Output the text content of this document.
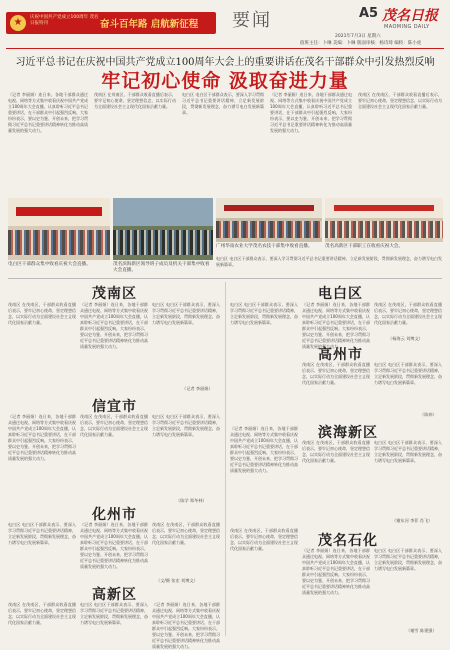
★	庆祝中国共产党成立100周年 茂名日报特刊	奋斗百年路 启航新征程 要闻	A5 茂名日报
MAOMING DAILY
2021年7月3日 星期六
值班主任：卜琳 美编：卜琳 版面审核：杨诗琦 编校：陈小虎
习近平总书记在庆祝中国共产党成立100周年大会上的重要讲话在茂名干部群众中引发热烈反响
牢记初心使命 汲取奋进力量
（记者 李丽娟）连日来，各地干部群众通过电视、网络等方式集中收看庆祝中国共产党成立100周年大会直播，认真聆听习近平总书记重要讲话，在干部群众中引起强烈反响。大家纷纷表示，要以史为鉴、开创未来，把学习贯彻习近平总书记重要讲话精神转化为推动高质量发展的强大动力。
茂南区 在茂南区，干部群众收看直播后表示，要牢记初心使命，坚定理想信念，以实际行动为全面建设社会主义现代化国家贡献力量。
电白区 电白区干部群众表示，要深入学习贯彻习近平总书记重要讲话精神，立足新发展阶段，贯彻新发展理念，奋力谱写电白发展新篇章。
（记者 李丽娟）连日来，各地干部群众通过电视、网络等方式集中收看庆祝中国共产党成立100周年大会直播，认真聆听习近平总书记重要讲话，在干部群众中引起强烈反响。大家纷纷表示，要以史为鉴、开创未来，把学习贯彻习近平总书记重要讲话精神转化为推动高质量发展的强大动力。
茂南区 在茂南区，干部群众收看直播后表示，要牢记初心使命，坚定理想信念，以实际行动为全面建设社会主义现代化国家贡献力量。
电白区干部群众集中收看庆祝大会直播。	茂名滨海新区领导班子成员及机关干部集中收看大会直播。
广州华南农业大学茂名农技干部集中收看直播。	茂名高新区干部职工在收看庆祝大会。
电白区 电白区干部群众表示，要深入学习贯彻习近平总书记重要讲话精神，立足新发展阶段，贯彻新发展理念，奋力谱写电白发展新篇章。
茂南区
茂南区 在茂南区，干部群众收看直播后表示，要牢记初心使命，坚定理想信念，以实际行动为全面建设社会主义现代化国家贡献力量。
（记者 李丽娟）连日来，各地干部群众通过电视、网络等方式集中收看庆祝中国共产党成立100周年大会直播，认真聆听习近平总书记重要讲话，在干部群众中引起强烈反响。大家纷纷表示，要以史为鉴、开创未来，把学习贯彻习近平总书记重要讲话精神转化为推动高质量发展的强大动力。
电白区 电白区干部群众表示，要深入学习贯彻习近平总书记重要讲话精神，立足新发展阶段，贯彻新发展理念，奋力谱写电白发展新篇章。
（记者 李丽娟）
信宜市
（记者 李丽娟）连日来，各地干部群众通过电视、网络等方式集中收看庆祝中国共产党成立100周年大会直播，认真聆听习近平总书记重要讲话，在干部群众中引起强烈反响。大家纷纷表示，要以史为鉴、开创未来，把学习贯彻习近平总书记重要讲话精神转化为推动高质量发展的强大动力。
茂南区 在茂南区，干部群众收看直播后表示，要牢记初心使命，坚定理想信念，以实际行动为全面建设社会主义现代化国家贡献力量。
电白区 电白区干部群众表示，要深入学习贯彻习近平总书记重要讲话精神，立足新发展阶段，贯彻新发展理念，奋力谱写电白发展新篇章。
（陈学 郑冬林）
化州市
电白区 电白区干部群众表示，要深入学习贯彻习近平总书记重要讲话精神，立足新发展阶段，贯彻新发展理念，奋力谱写电白发展新篇章。
（记者 李丽娟）连日来，各地干部群众通过电视、网络等方式集中收看庆祝中国共产党成立100周年大会直播，认真聆听习近平总书记重要讲话，在干部群众中引起强烈反响。大家纷纷表示，要以史为鉴、开创未来，把学习贯彻习近平总书记重要讲话精神转化为推动高质量发展的强大动力。
茂南区 在茂南区，干部群众收看直播后表示，要牢记初心使命，坚定理想信念，以实际行动为全面建设社会主义现代化国家贡献力量。
（文/摄 张宏 刘博文）
高新区
茂南区 在茂南区，干部群众收看直播后表示，要牢记初心使命，坚定理想信念，以实际行动为全面建设社会主义现代化国家贡献力量。
电白区 电白区干部群众表示，要深入学习贯彻习近平总书记重要讲话精神，立足新发展阶段，贯彻新发展理念，奋力谱写电白发展新篇章。
（记者 李丽娟）连日来，各地干部群众通过电视、网络等方式集中收看庆祝中国共产党成立100周年大会直播，认真聆听习近平总书记重要讲话，在干部群众中引起强烈反响。大家纷纷表示，要以史为鉴、开创未来，把学习贯彻习近平总书记重要讲话精神转化为推动高质量发展的强大动力。
电白区
电白区 电白区干部群众表示，要深入学习贯彻习近平总书记重要讲话精神，立足新发展阶段，贯彻新发展理念，奋力谱写电白发展新篇章。
（记者 李丽娟）连日来，各地干部群众通过电视、网络等方式集中收看庆祝中国共产党成立100周年大会直播，认真聆听习近平总书记重要讲话，在干部群众中引起强烈反响。大家纷纷表示，要以史为鉴、开创未来，把学习贯彻习近平总书记重要讲话精神转化为推动高质量发展的强大动力。
茂南区 在茂南区，干部群众收看直播后表示，要牢记初心使命，坚定理想信念，以实际行动为全面建设社会主义现代化国家贡献力量。
（杨海云 刘博文）
高州市
茂南区 在茂南区，干部群众收看直播后表示，要牢记初心使命，坚定理想信念，以实际行动为全面建设社会主义现代化国家贡献力量。
电白区 电白区干部群众表示，要深入学习贯彻习近平总书记重要讲话精神，立足新发展阶段，贯彻新发展理念，奋力谱写电白发展新篇章。
（陈炜）
滨海新区
（记者 李丽娟）连日来，各地干部群众通过电视、网络等方式集中收看庆祝中国共产党成立100周年大会直播，认真聆听习近平总书记重要讲话，在干部群众中引起强烈反响。大家纷纷表示，要以史为鉴、开创未来，把学习贯彻习近平总书记重要讲话精神转化为推动高质量发展的强大动力。
茂南区 在茂南区，干部群众收看直播后表示，要牢记初心使命，坚定理想信念，以实际行动为全面建设社会主义现代化国家贡献力量。
电白区 电白区干部群众表示，要深入学习贯彻习近平总书记重要讲话精神，立足新发展阶段，贯彻新发展理念，奋力谱写电白发展新篇章。
（谢东河 李菲 肖飞）
茂名石化
茂南区 在茂南区，干部群众收看直播后表示，要牢记初心使命，坚定理想信念，以实际行动为全面建设社会主义现代化国家贡献力量。	（记者 李丽娟）连日来，各地干部群众通过电视、网络等方式集中收看庆祝中国共产党成立100周年大会直播，认真聆听习近平总书记重要讲话，在干部群众中引起强烈反响。大家纷纷表示，要以史为鉴、开创未来，把学习贯彻习近平总书记重要讲话精神转化为推动高质量发展的强大动力。
电白区 电白区干部群众表示，要深入学习贯彻习近平总书记重要讲话精神，立足新发展阶段，贯彻新发展理念，奋力谱写电白发展新篇章。
（谢雪 陈建强）
